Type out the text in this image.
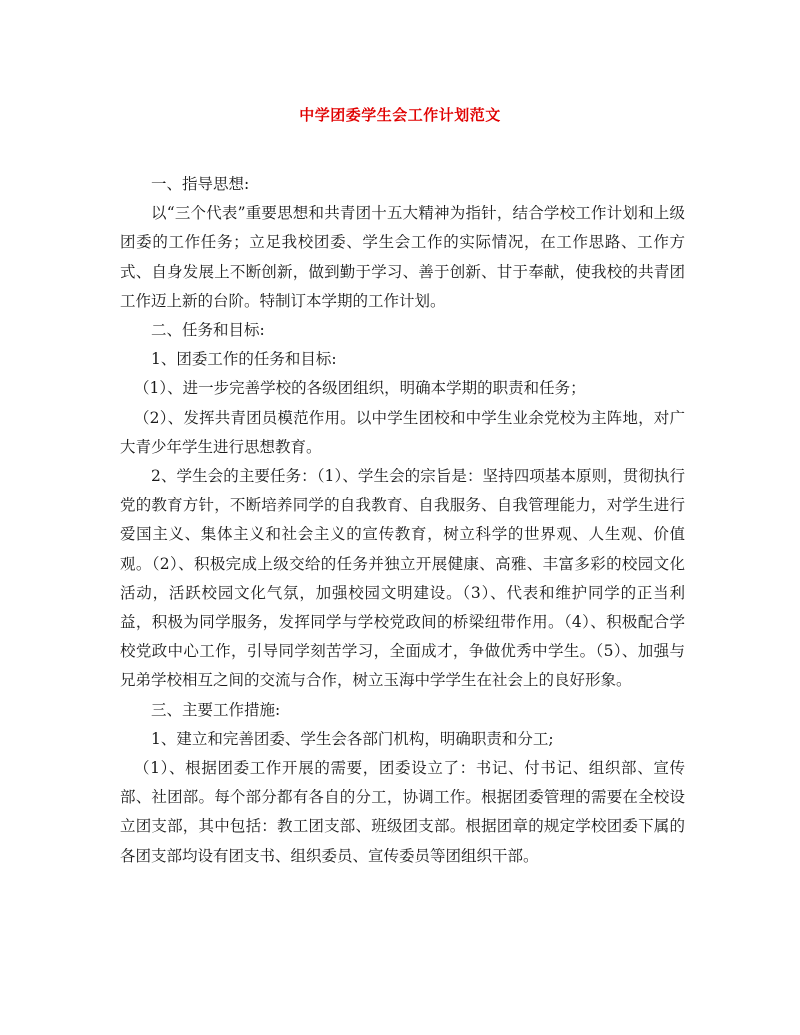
中学团委学生会工作计划范文

一、指导思想:

以“三个代表”重要思想和共青团十五大精神为指针，结合学校工作计划和上级团委的工作任务；立足我校团委、学生会工作的实际情况，在工作思路、工作方式、自身发展上不断创新，做到勤于学习、善于创新、甘于奉献，使我校的共青团工作迈上新的台阶。特制订本学期的工作计划。

二、任务和目标:

1、团委工作的任务和目标:

（1）、进一步完善学校的各级团组织，明确本学期的职责和任务；

（2）、发挥共青团员模范作用。以中学生团校和中学生业余党校为主阵地，对广大青少年学生进行思想教育。

2、学生会的主要任务：（1）、学生会的宗旨是：坚持四项基本原则，贯彻执行党的教育方针，不断培养同学的自我教育、自我服务、自我管理能力，对学生进行爱国主义、集体主义和社会主义的宣传教育，树立科学的世界观、人生观、价值观。（2）、积极完成上级交给的任务并独立开展健康、高雅、丰富多彩的校园文化活动，活跃校园文化气氛，加强校园文明建设。（3）、代表和维护同学的正当利益，积极为同学服务，发挥同学与学校党政间的桥梁纽带作用。（4）、积极配合学校党政中心工作，引导同学刻苦学习，全面成才，争做优秀中学生。（5）、加强与兄弟学校相互之间的交流与合作，树立玉海中学学生在社会上的良好形象。

三、主要工作措施:

1、建立和完善团委、学生会各部门机构，明确职责和分工;

（1）、根据团委工作开展的需要，团委设立了：书记、付书记、组织部、宣传部、社团部。每个部分都有各自的分工，协调工作。根据团委管理的需要在全校设立团支部，其中包括：教工团支部、班级团支部。根据团章的规定学校团委下属的各团支部均设有团支书、组织委员、宣传委员等团组织干部。
